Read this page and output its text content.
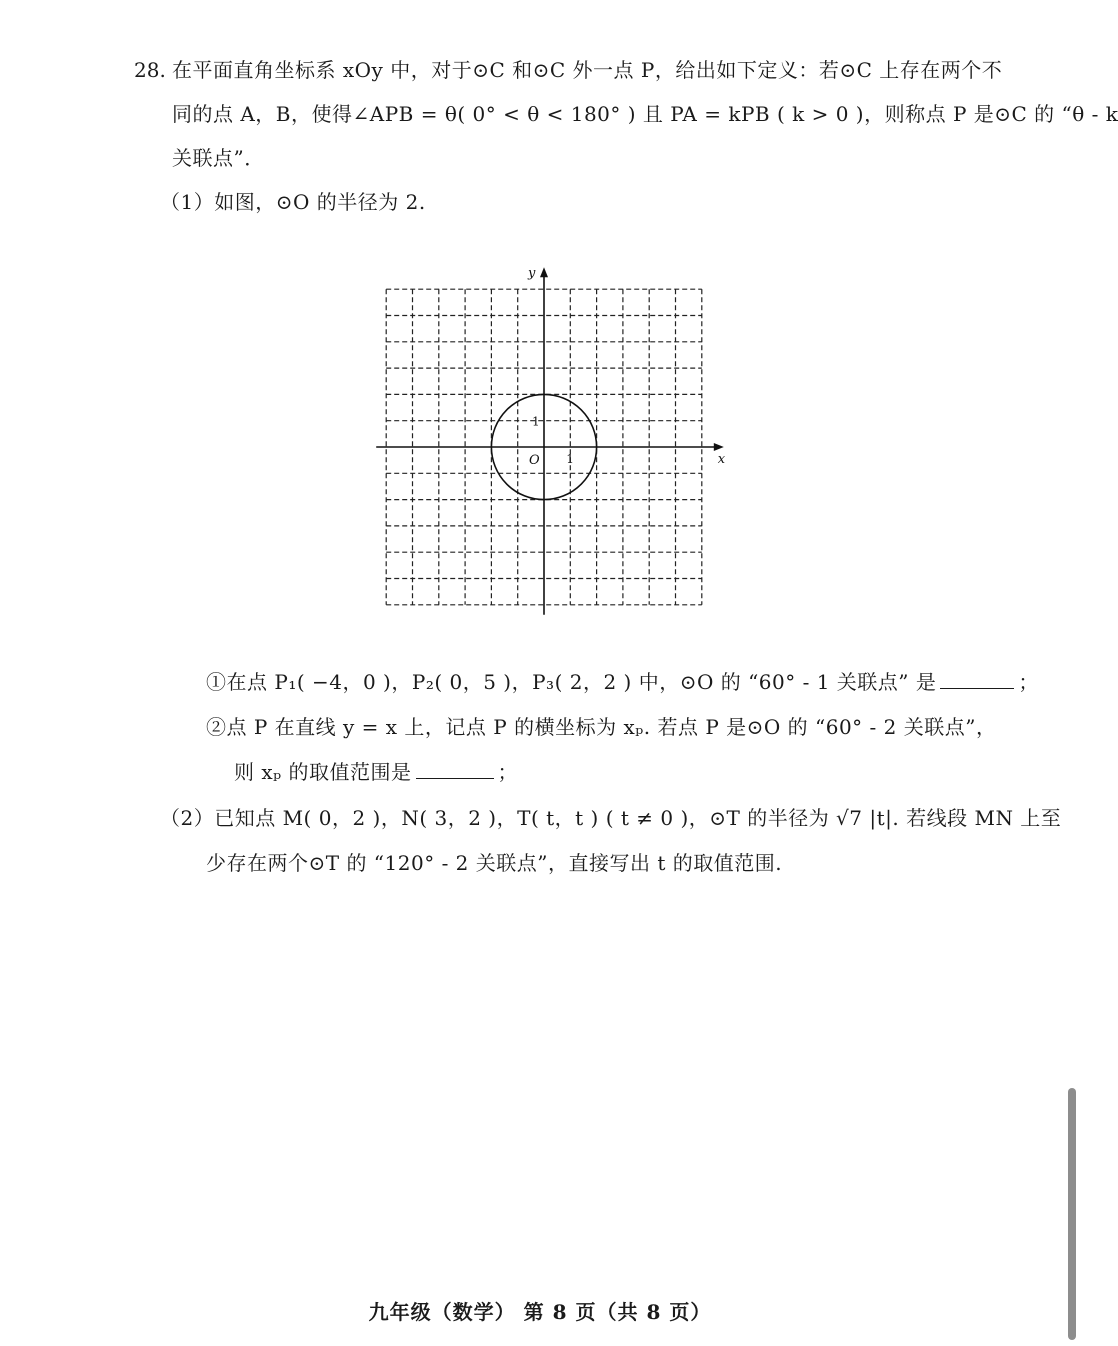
28. 在平面直角坐标系 xOy 中，对于⊙C 和⊙C 外一点 P，给出如下定义：若⊙C 上存在两个不
同的点 A，B，使得∠APB = θ( 0° < θ < 180° ) 且 PA = kPB ( k > 0 )，则称点 P 是⊙C 的 “θ - k
关联点”．
（1）如图，⊙O 的半径为 2.
x
y
O 1
1
①在点 P₁( −4，0 )，P₂( 0，5 )，P₃( 2，2 ) 中，⊙O 的 “60° - 1 关联点” 是	；
②点 P 在直线 y = x 上，记点 P 的横坐标为 xₚ. 若点 P 是⊙O 的 “60° - 2 关联点”，
则 xₚ 的取值范围是	；
（2）已知点 M( 0，2 )，N( 3，2 )，T( t，t ) ( t ≠ 0 )，⊙T 的半径为 √7 |t|. 若线段 MN 上至
少存在两个⊙T 的 “120° - 2 关联点”，直接写出 t 的取值范围.
九年级（数学） 第 8 页（共 8 页）
